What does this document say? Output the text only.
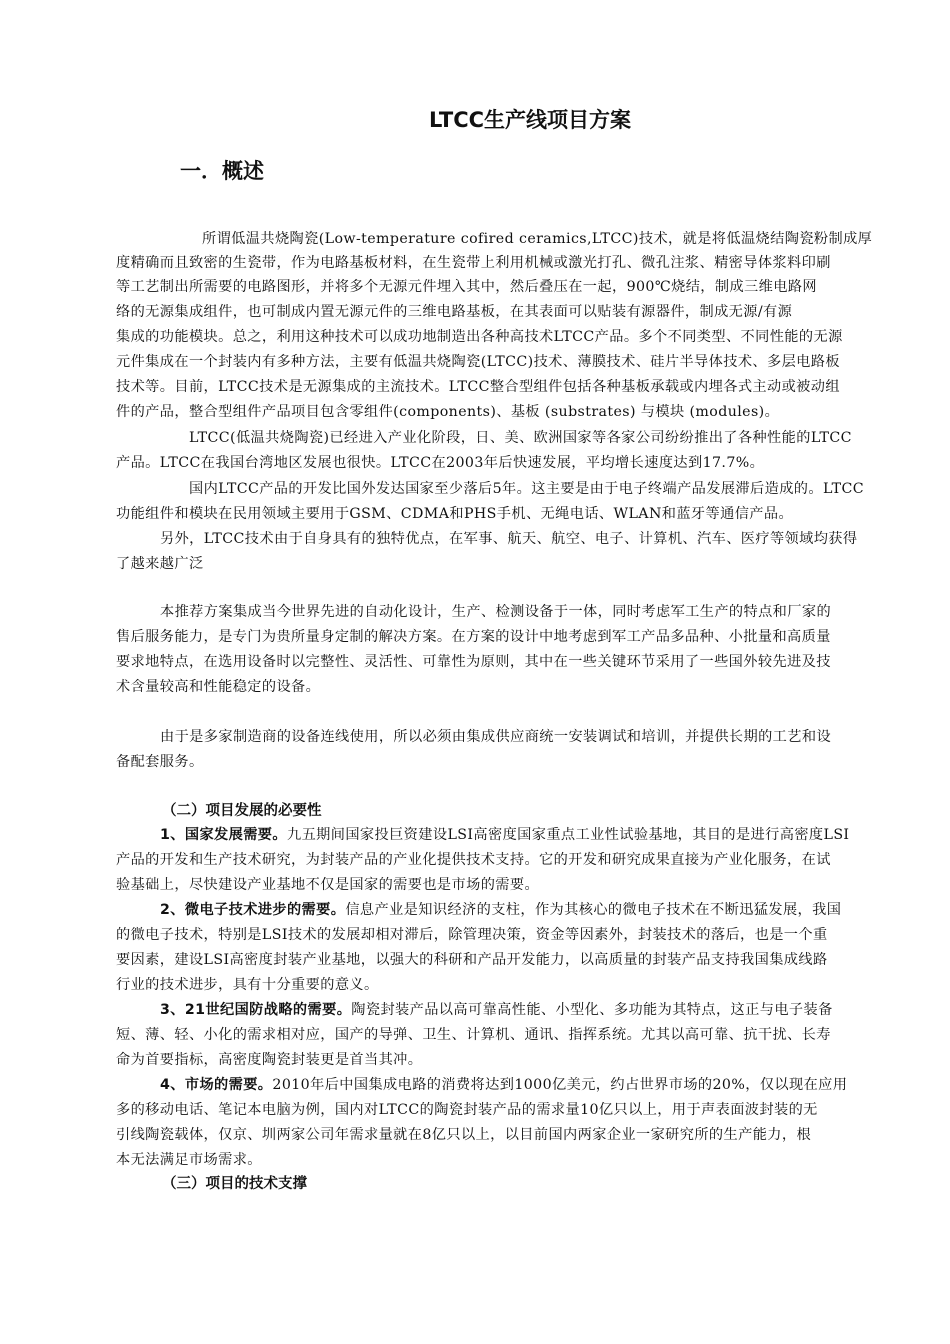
LTCC生产线项目方案
一．概述
所谓低温共烧陶瓷(Low-temperature cofired ceramics,LTCC)技术，就是将低温烧结陶瓷粉制成厚
度精确而且致密的生瓷带，作为电路基板材料，在生瓷带上利用机械或激光打孔、微孔注浆、精密导体浆料印刷
等工艺制出所需要的电路图形，并将多个无源元件埋入其中，然后叠压在一起，900℃烧结，制成三维电路网
络的无源集成组件，也可制成内置无源元件的三维电路基板，在其表面可以贴装有源器件，制成无源/有源
集成的功能模块。总之，利用这种技术可以成功地制造出各种高技术LTCC产品。多个不同类型、不同性能的无源
元件集成在一个封装内有多种方法，主要有低温共烧陶瓷(LTCC)技术、薄膜技术、硅片半导体技术、多层电路板
技术等。目前，LTCC技术是无源集成的主流技术。LTCC整合型组件包括各种基板承载或内埋各式主动或被动组
件的产品，整合型组件产品项目包含零组件(components)、基板 (substrates) 与模块 (modules)。
LTCC(低温共烧陶瓷)已经进入产业化阶段，日、美、欧洲国家等各家公司纷纷推出了各种性能的LTCC
产品。LTCC在我国台湾地区发展也很快。LTCC在2003年后快速发展，平均增长速度达到17.7%。
国内LTCC产品的开发比国外发达国家至少落后5年。这主要是由于电子终端产品发展滞后造成的。LTCC
功能组件和模块在民用领域主要用于GSM、CDMA和PHS手机、无绳电话、WLAN和蓝牙等通信产品。
另外，LTCC技术由于自身具有的独特优点，在军事、航天、航空、电子、计算机、汽车、医疗等领域均获得
了越来越广泛
本推荐方案集成当今世界先进的自动化设计，生产、检测设备于一体，同时考虑军工生产的特点和厂家的
售后服务能力，是专门为贵所量身定制的解决方案。在方案的设计中地考虑到军工产品多品种、小批量和高质量
要求地特点，在选用设备时以完整性、灵活性、可靠性为原则，其中在一些关键环节采用了一些国外较先进及技
术含量较高和性能稳定的设备。
由于是多家制造商的设备连线使用，所以必须由集成供应商统一安装调试和培训，并提供长期的工艺和设
备配套服务。
（二）项目发展的必要性
1、国家发展需要。九五期间国家投巨资建设LSI高密度国家重点工业性试验基地，其目的是进行高密度LSI
产品的开发和生产技术研究，为封装产品的产业化提供技术支持。它的开发和研究成果直接为产业化服务，在试
验基础上，尽快建设产业基地不仅是国家的需要也是市场的需要。
2、微电子技术进步的需要。信息产业是知识经济的支柱，作为其核心的微电子技术在不断迅猛发展，我国
的微电子技术，特别是LSI技术的发展却相对滞后，除管理决策，资金等因素外，封装技术的落后，也是一个重
要因素，建设LSI高密度封装产业基地，以强大的科研和产品开发能力，以高质量的封装产品支持我国集成线路
行业的技术进步，具有十分重要的意义。
3、21世纪国防战略的需要。陶瓷封装产品以高可靠高性能、小型化、多功能为其特点，这正与电子装备
短、薄、轻、小化的需求相对应，国产的导弹、卫生、计算机、通讯、指挥系统。尤其以高可靠、抗干扰、长寿
命为首要指标，高密度陶瓷封装更是首当其冲。
4、市场的需要。2010年后中国集成电路的消费将达到1000亿美元，约占世界市场的20%，仅以现在应用
多的移动电话、笔记本电脑为例，国内对LTCC的陶瓷封装产品的需求量10亿只以上，用于声表面波封装的无
引线陶瓷载体，仅京、圳两家公司年需求量就在8亿只以上，以目前国内两家企业一家研究所的生产能力，根
本无法满足市场需求。
（三）项目的技术支撑
